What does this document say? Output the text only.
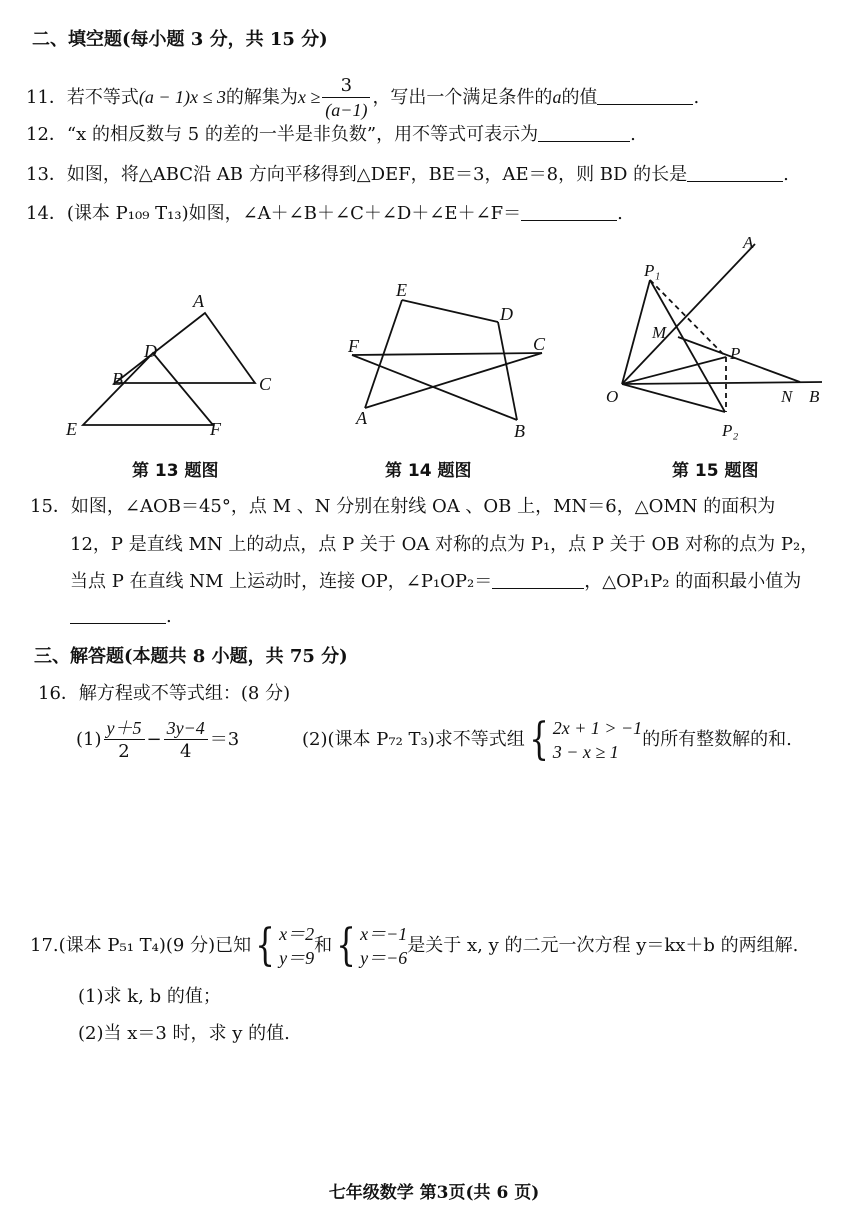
二、填空题(每小题 3 分，共 15 分)
11．若不等式(a − 1)x ≤ 3的解集为$x \ge \frac{3}{(a-1)}$ ，写出一个满足条件的a的值	.
12．“x 的相反数与 5 的差的一半是非负数”，用不等式可表示为	.
13．如图，将△ABC沿 AB 方向平移得到△DEF，BE＝3，AE＝8，则 BD 的长是	.
14．(课本 P₁₀₉ T₁₃)如图，∠A＋∠B＋∠C＋∠D＋∠E＋∠F＝	.
A
B	C
D
E	F
第 13 题图
E
D
F	C
A
B
第 14 题图
A
B
O
M
N
P
P₁
P₂
第 15 题图
15．如图，∠AOB＝45°，点 M 、N 分别在射线 OA 、OB 上，MN＝6，△OMN 的面积为
12，P 是直线 MN 上的动点，点 P 关于 OA 对称的点为 P₁，点 P 关于 OB 对称的点为 P₂，
当点 P 在直线 NM 上运动时，连接 OP，∠P₁OP₂＝	，△OP₁P₂ 的面积最小值为
.
三、解答题(本题共 8 小题，共 75 分)
16．解方程或不等式组：(8 分)
$(1) \frac{y+5}{2} - \frac{3y-4}{4} =3$	(2)(课本 P₇₂ T₃)求不等式组{ 2x + 1 > −1
3 − x ≥ 1
的所有整数解的和.
17.(课本 P₅₁ T₄)(9 分)已知{ x＝2
y＝9
和{ x＝−1
y＝−6
是关于 x, y 的二元一次方程 y＝kx＋b 的两组解.
(1)求 k, b 的值；
(2)当 x＝3 时，求 y 的值.
七年级数学 第3页(共 6 页)
